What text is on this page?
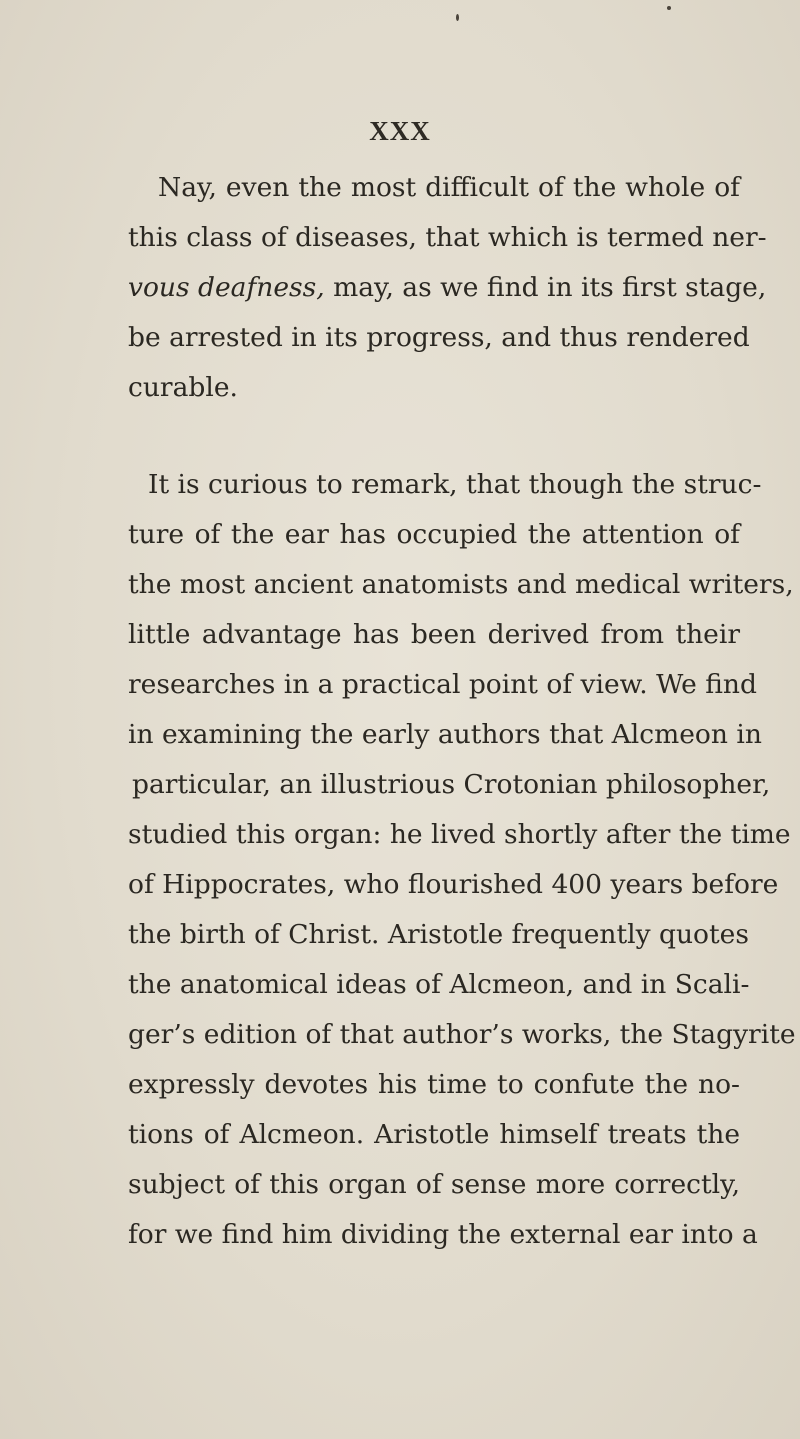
XXX
Nay, even the most difficult of the whole of
this class of diseases, that which is termed ner-
vous deafness, may, as we find in its first stage,
be arrested in its progress, and thus rendered
curable.
It is curious to remark, that though the struc-
ture of the ear has occupied the attention of
the most ancient anatomists and medical writers,
little advantage has been derived from their
researches in a practical point of view. We find
in examining the early authors that Alcmeon in
particular, an illustrious Crotonian philosopher,
studied this organ: he lived shortly after the time
of Hippocrates, who flourished 400 years before
the birth of Christ. Aristotle frequently quotes
the anatomical ideas of Alcmeon, and in Scali-
ger’s edition of that author’s works, the Stagyrite
expressly devotes his time to confute the no-
tions of Alcmeon. Aristotle himself treats the
subject of this organ of sense more correctly,
for we find him dividing the external ear into a
